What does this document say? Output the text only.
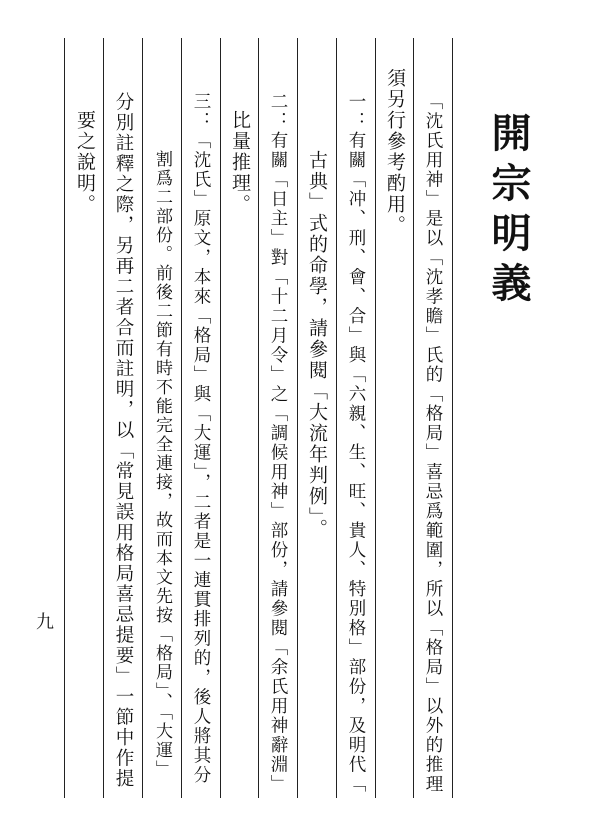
開宗明義
「沈氏用神」是以「沈孝瞻」氏的「格局」喜忌爲範圍，所以「格局」以外的推理
須另行參考酌用。
一：有關「冲、刑、會、合」與「六親、生、旺、貴人、特別格」部份，及明代「
古典」式的命學，請參閱「大流年判例」。
二：有關「日主」對「十二月令」之「調候用神」部份，請參閱「余氏用神辭淵」
比量推理。
三：「沈氏」原文，本來「格局」與「大運」，二者是一連貫排列的，後人將其分
割爲二部份。前後二節有時不能完全連接，故而本文先按「格局」、「大運」
分別註釋之際，另再二者合而註明，以「常見誤用格局喜忌提要」一節中作提
要之說明。
九
